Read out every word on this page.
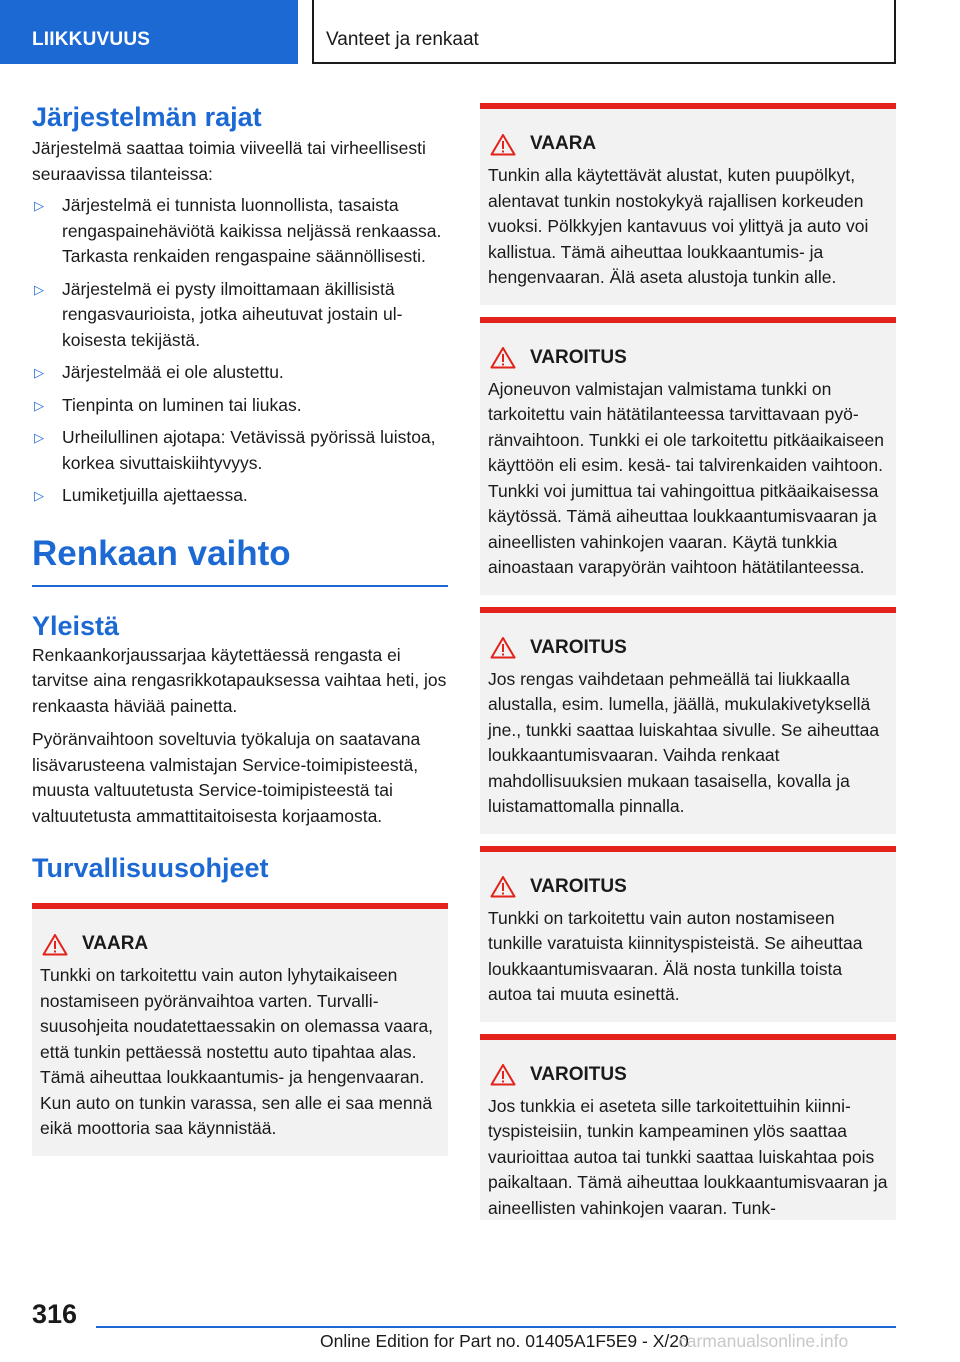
LIIKKUVUUS	Vanteet ja renkaat
Järjestelmän rajat

Järjestelmä saattaa toimia viiveellä tai virheellisesti seuraavissa tilanteissa:

▷ Järjestelmä ei tunnista luonnollista, tasaista rengaspainehäviötä kaikissa neljässä renkaassa. Tarkasta renkaiden rengaspaine säännöllisesti.
▷ Järjestelmä ei pysty ilmoittamaan äkillisistä rengasvaurioista, jotka aiheutuvat jostain ulkoisesta tekijästä.
▷ Järjestelmää ei ole alustettu.
▷ Tienpinta on luminen tai liukas.
▷ Urheilullinen ajotapa: Vetävissä pyörissä luistoa, korkea sivuttaiskiihtyvyys.
▷ Lumiketjuilla ajettaessa.
Renkaan vaihto
Yleistä

Renkaankorjaussarjaa käytettäessä rengasta ei tarvitse aina rengasrikkotapauksessa vaihtaa heti, jos renkaasta häviää painetta.

Pyöränvaihtoon soveltuvia työkaluja on saatavana lisävarusteena valmistajan Service-toimipisteestä, muusta valtuutetusta Service-toimipisteestä tai valtuutetusta ammattitaitoisesta korjaamosta.

Turvallisuusohjeet
VAARA

Tunkki on tarkoitettu vain auton lyhytaikaiseen nostamiseen pyöränvaihtoa varten. Turvallisuusohjeita noudatettaessakin on olemassa vaara, että tunkin pettäessä nostettu auto tipahtaa alas. Tämä aiheuttaa loukkaantumis- ja hengenvaaran. Kun auto on tunkin varassa, sen alle ei saa mennä eikä moottoria saa käynnistää.

VAARA

Tunkin alla käytettävät alustat, kuten puupölkyt, alentavat tunkin nostokykyä rajallisen korkeuden vuoksi. Pölkkyjen kantavuus voi ylittyä ja auto voi kallistua. Tämä aiheuttaa loukkaantumis- ja hengenvaaran. Älä aseta alustoja tunkin alle.

VAROITUS

Ajoneuvon valmistajan valmistama tunkki on tarkoitettu vain hätätilanteessa tarvittavaan pyöränvaihtoon. Tunkki ei ole tarkoitettu pitkäaikaiseen käyttöön eli esim. kesä- tai talvirenkaiden vaihtoon. Tunkki voi jumittua tai vahingoittua pitkäaikaisessa käytössä. Tämä aiheuttaa loukkaantumisvaaran ja aineellisten vahinkojen vaaran. Käytä tunkkia ainoastaan varapyörän vaihtoon hätätilanteessa.

VAROITUS

Jos rengas vaihdetaan pehmeällä tai liukkaalla alustalla, esim. lumella, jäällä, mukulakivetyksellä jne., tunkki saattaa luiskahtaa sivulle. Se aiheuttaa loukkaantumisvaaran. Vaihda renkaat mahdollisuuksien mukaan tasaisella, kovalla ja luistamattomalla pinnalla.

VAROITUS

Tunkki on tarkoitettu vain auton nostamiseen tunkille varatuista kiinnityspisteistä. Se aiheuttaa loukkaantumisvaaran. Älä nosta tunkilla toista autoa tai muuta esinettä.

VAROITUS

Jos tunkkia ei aseteta sille tarkoitettuihin kiinnityspisteisiin, tunkin kampeaminen ylös saattaa vaurioittaa autoa tai tunkki saattaa luiskahtaa pois paikaltaan. Tämä aiheuttaa loukkaantumisvaaran ja aineellisten vahinkojen vaaran. Tunk-

316
Online Edition for Part no. 01405A1F5E9 - X/20
carmanualsonline.info
